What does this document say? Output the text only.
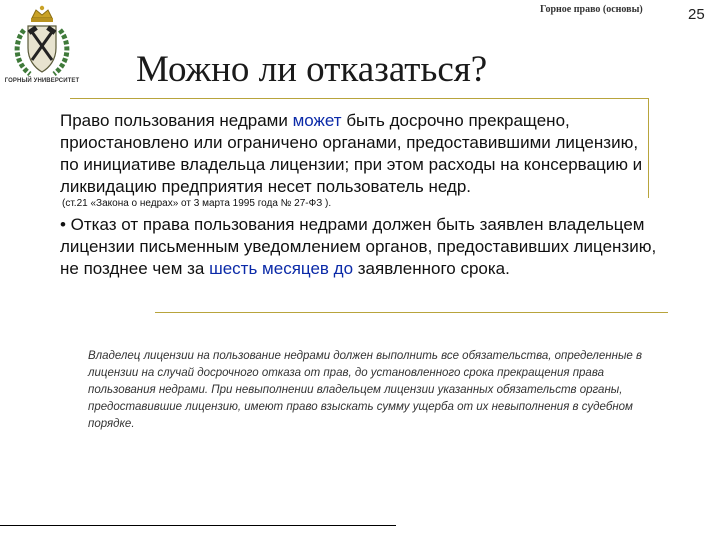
ГОРНЫЙ УНИВЕРСИТЕТ
Горное право (основы)	25
Можно ли отказаться?
Право пользования недрами может быть досрочно прекращено, приостановлено или ограничено органами, предоставившими лицензию, по инициативе владельца лицензии; при этом расходы на консервацию и ликвидацию предприятия несет пользователь недр.
(ст.21 «Закона о недрах» от 3 марта 1995 года № 27-ФЗ ).
• Отказ от права пользования недрами должен быть заявлен владельцем лицензии письменным уведомлением органов, предоставивших лицензию, не позднее чем за шесть месяцев до заявленного срока.
Владелец лицензии на пользование недрами должен выполнить все обязательства, определенные в лицензии на случай досрочного отказа от прав, до установленного срока прекращения права пользования недрами. При невыполнении владельцем лицензии указанных обязательств органы, предоставившие лицензию, имеют право взыскать сумму ущерба от их невыполнения в судебном порядке.
